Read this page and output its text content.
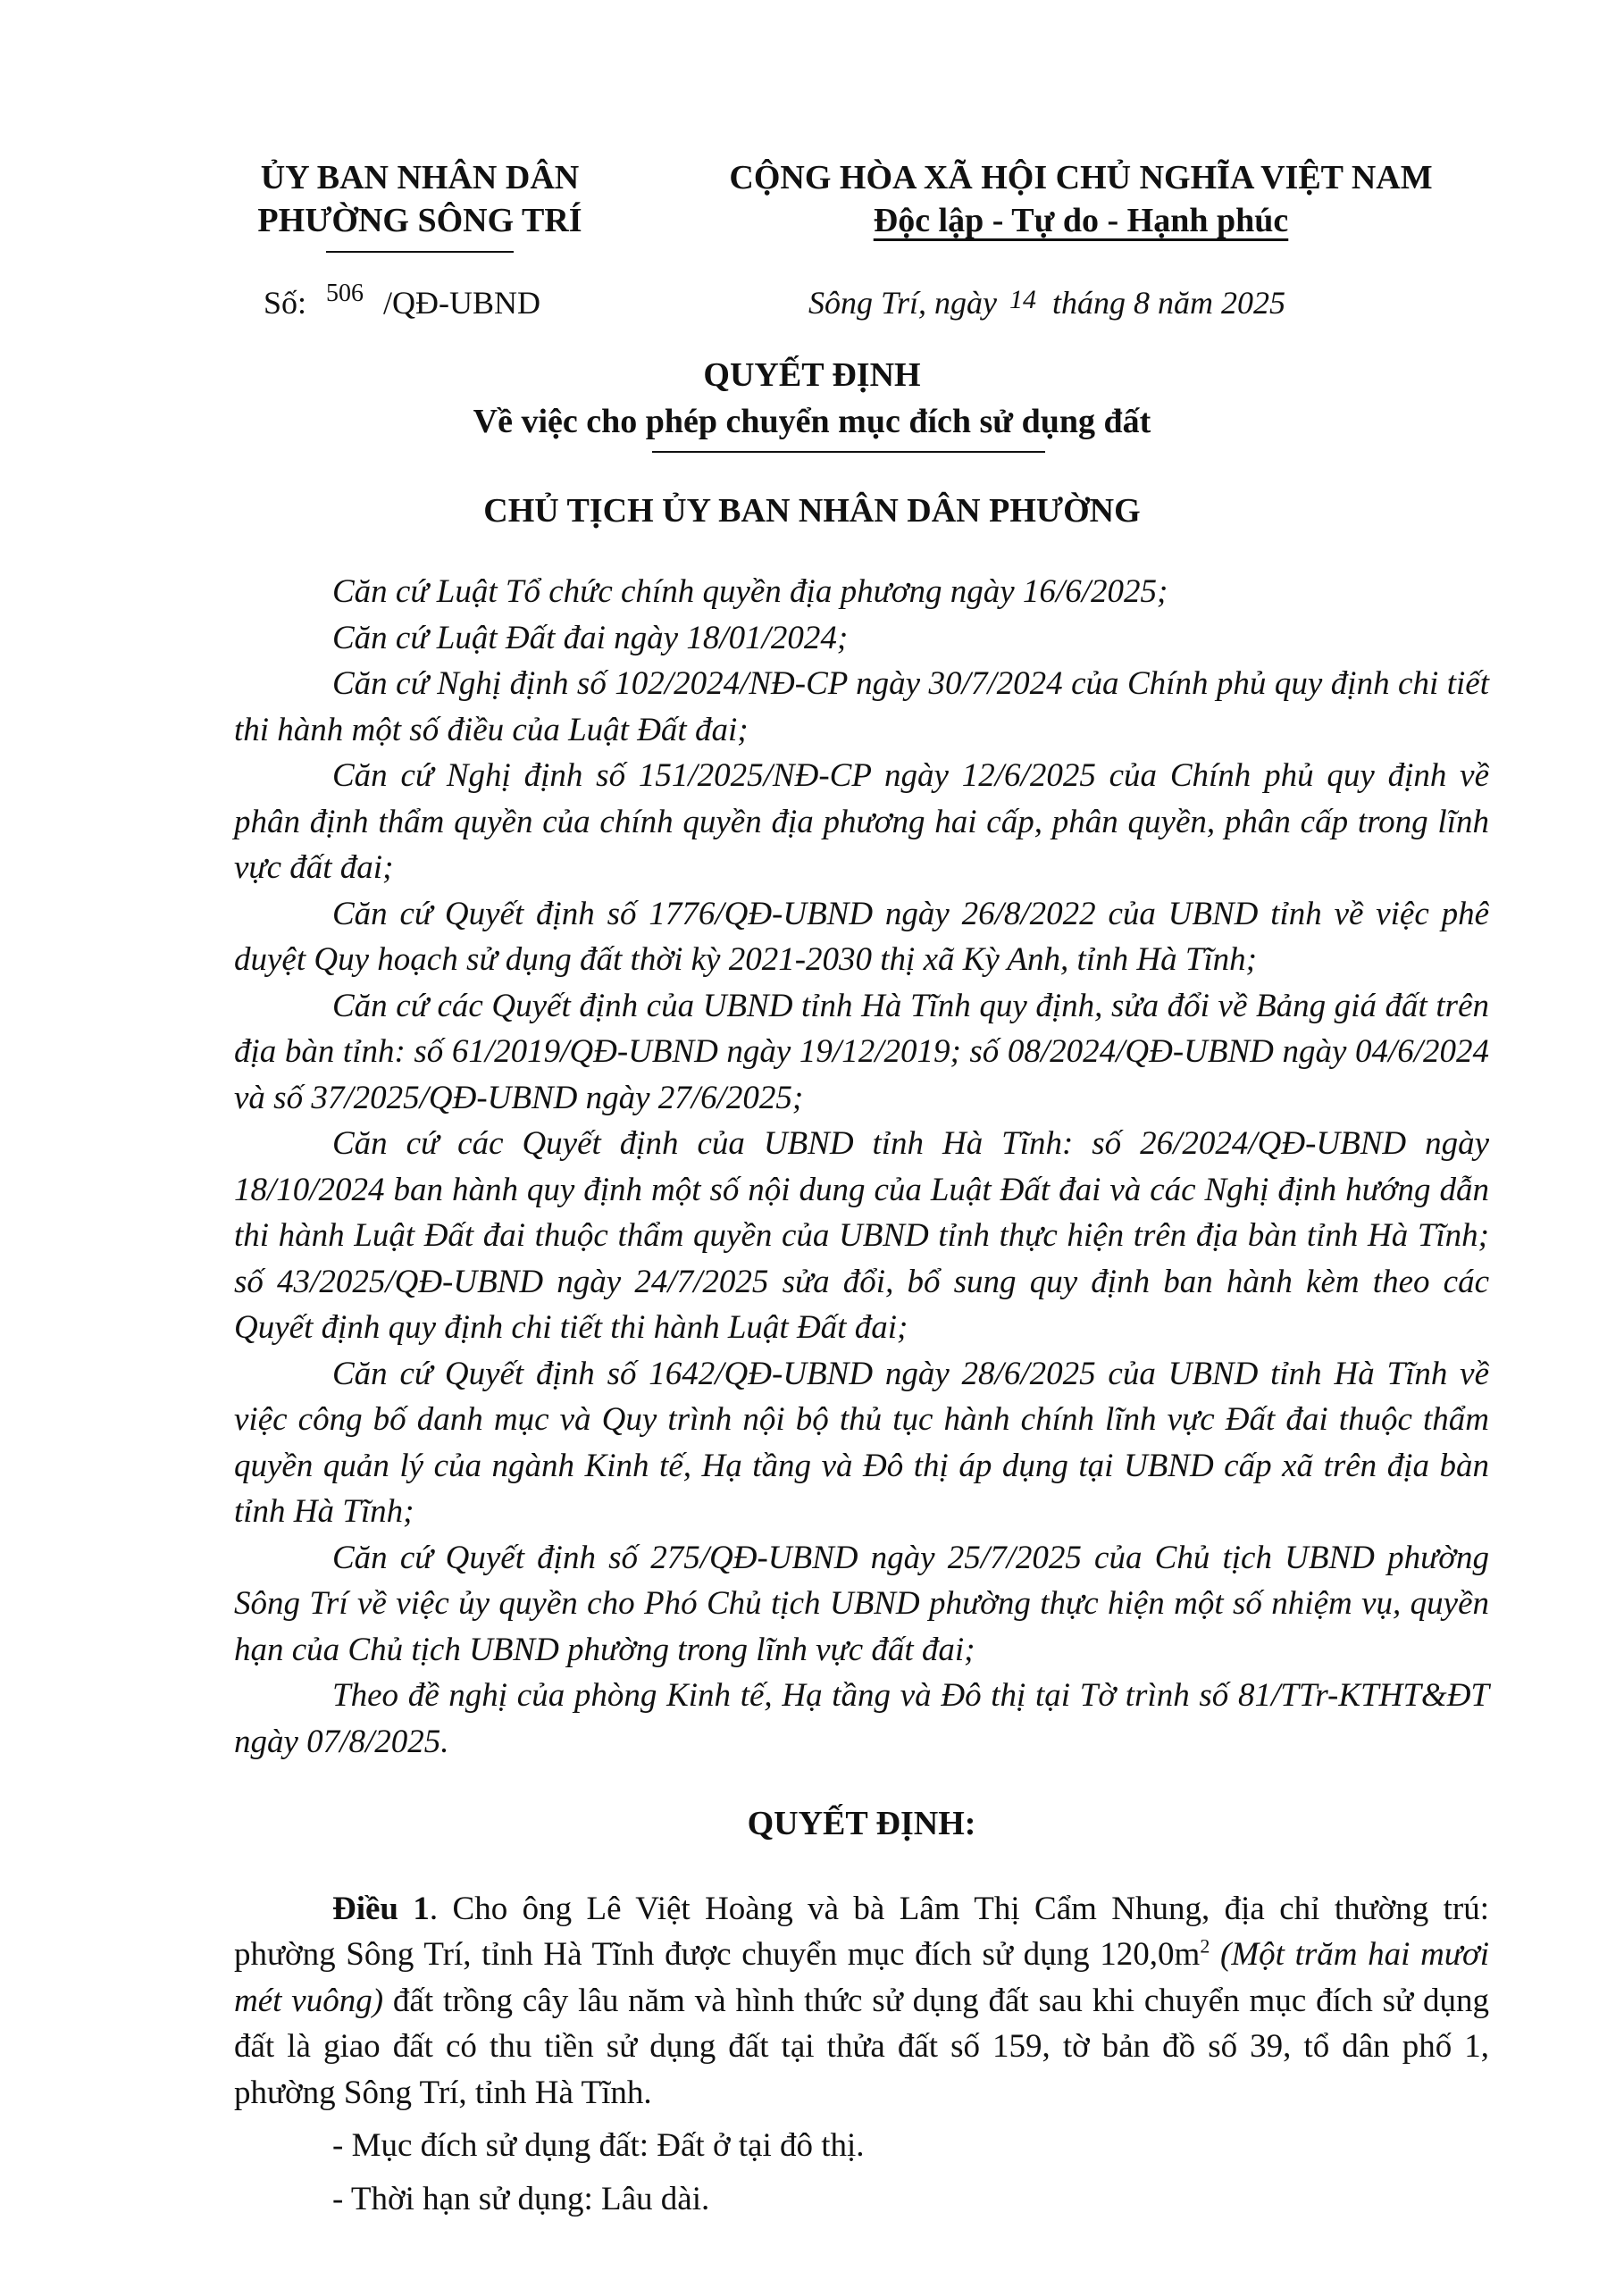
ỦY BAN NHÂN DÂN
PHƯỜNG SÔNG TRÍ
CỘNG HÒA XÃ HỘI CHỦ NGHĨA VIỆT NAM
Độc lập - Tự do - Hạnh phúc
Số: $^{506}$ /QĐ-UBND	Sông Trí, ngày 14 tháng 8 năm 2025
QUYẾT ĐỊNH
Về việc cho phép chuyển mục đích sử dụng đất
CHỦ TỊCH ỦY BAN NHÂN DÂN PHƯỜNG

Căn cứ Luật Tổ chức chính quyền địa phương ngày 16/6/2025;

Căn cứ Luật Đất đai ngày 18/01/2024;

Căn cứ Nghị định số 102/2024/NĐ-CP ngày 30/7/2024 của Chính phủ quy định chi tiết thi hành một số điều của Luật Đất đai;

Căn cứ Nghị định số 151/2025/NĐ-CP ngày 12/6/2025 của Chính phủ quy định về phân định thẩm quyền của chính quyền địa phương hai cấp, phân quyền, phân cấp trong lĩnh vực đất đai;

Căn cứ Quyết định số 1776/QĐ-UBND ngày 26/8/2022 của UBND tỉnh về việc phê duyệt Quy hoạch sử dụng đất thời kỳ 2021-2030 thị xã Kỳ Anh, tỉnh Hà Tĩnh;

Căn cứ các Quyết định của UBND tỉnh Hà Tĩnh quy định, sửa đổi về Bảng giá đất trên địa bàn tỉnh: số 61/2019/QĐ-UBND ngày 19/12/2019; số 08/2024/QĐ-UBND ngày 04/6/2024 và số 37/2025/QĐ-UBND ngày 27/6/2025;

Căn cứ các Quyết định của UBND tỉnh Hà Tĩnh: số 26/2024/QĐ-UBND ngày 18/10/2024 ban hành quy định một số nội dung của Luật Đất đai và các Nghị định hướng dẫn thi hành Luật Đất đai thuộc thẩm quyền của UBND tỉnh thực hiện trên địa bàn tỉnh Hà Tĩnh; số 43/2025/QĐ-UBND ngày 24/7/2025 sửa đổi, bổ sung quy định ban hành kèm theo các Quyết định quy định chi tiết thi hành Luật Đất đai;

Căn cứ Quyết định số 1642/QĐ-UBND ngày 28/6/2025 của UBND tỉnh Hà Tĩnh về việc công bố danh mục và Quy trình nội bộ thủ tục hành chính lĩnh vực Đất đai thuộc thẩm quyền quản lý của ngành Kinh tế, Hạ tầng và Đô thị áp dụng tại UBND cấp xã trên địa bàn tỉnh Hà Tĩnh;

Căn cứ Quyết định số 275/QĐ-UBND ngày 25/7/2025 của Chủ tịch UBND phường Sông Trí về việc ủy quyền cho Phó Chủ tịch UBND phường thực hiện một số nhiệm vụ, quyền hạn của Chủ tịch UBND phường trong lĩnh vực đất đai;

Theo đề nghị của phòng Kinh tế, Hạ tầng và Đô thị tại Tờ trình số 81/TTr-KTHT&ĐT ngày 07/8/2025.

QUYẾT ĐỊNH:

Điều 1. Cho ông Lê Việt Hoàng và bà Lâm Thị Cẩm Nhung, địa chỉ thường trú: phường Sông Trí, tỉnh Hà Tĩnh được chuyển mục đích sử dụng $120,0m^2$ (Một trăm hai mươi mét vuông) đất trồng cây lâu năm và hình thức sử dụng đất sau khi chuyển mục đích sử dụng đất là giao đất có thu tiền sử dụng đất tại thửa đất số 159, tờ bản đồ số 39, tổ dân phố 1, phường Sông Trí, tỉnh Hà Tĩnh.

- Mục đích sử dụng đất: Đất ở tại đô thị.

- Thời hạn sử dụng: Lâu dài.
